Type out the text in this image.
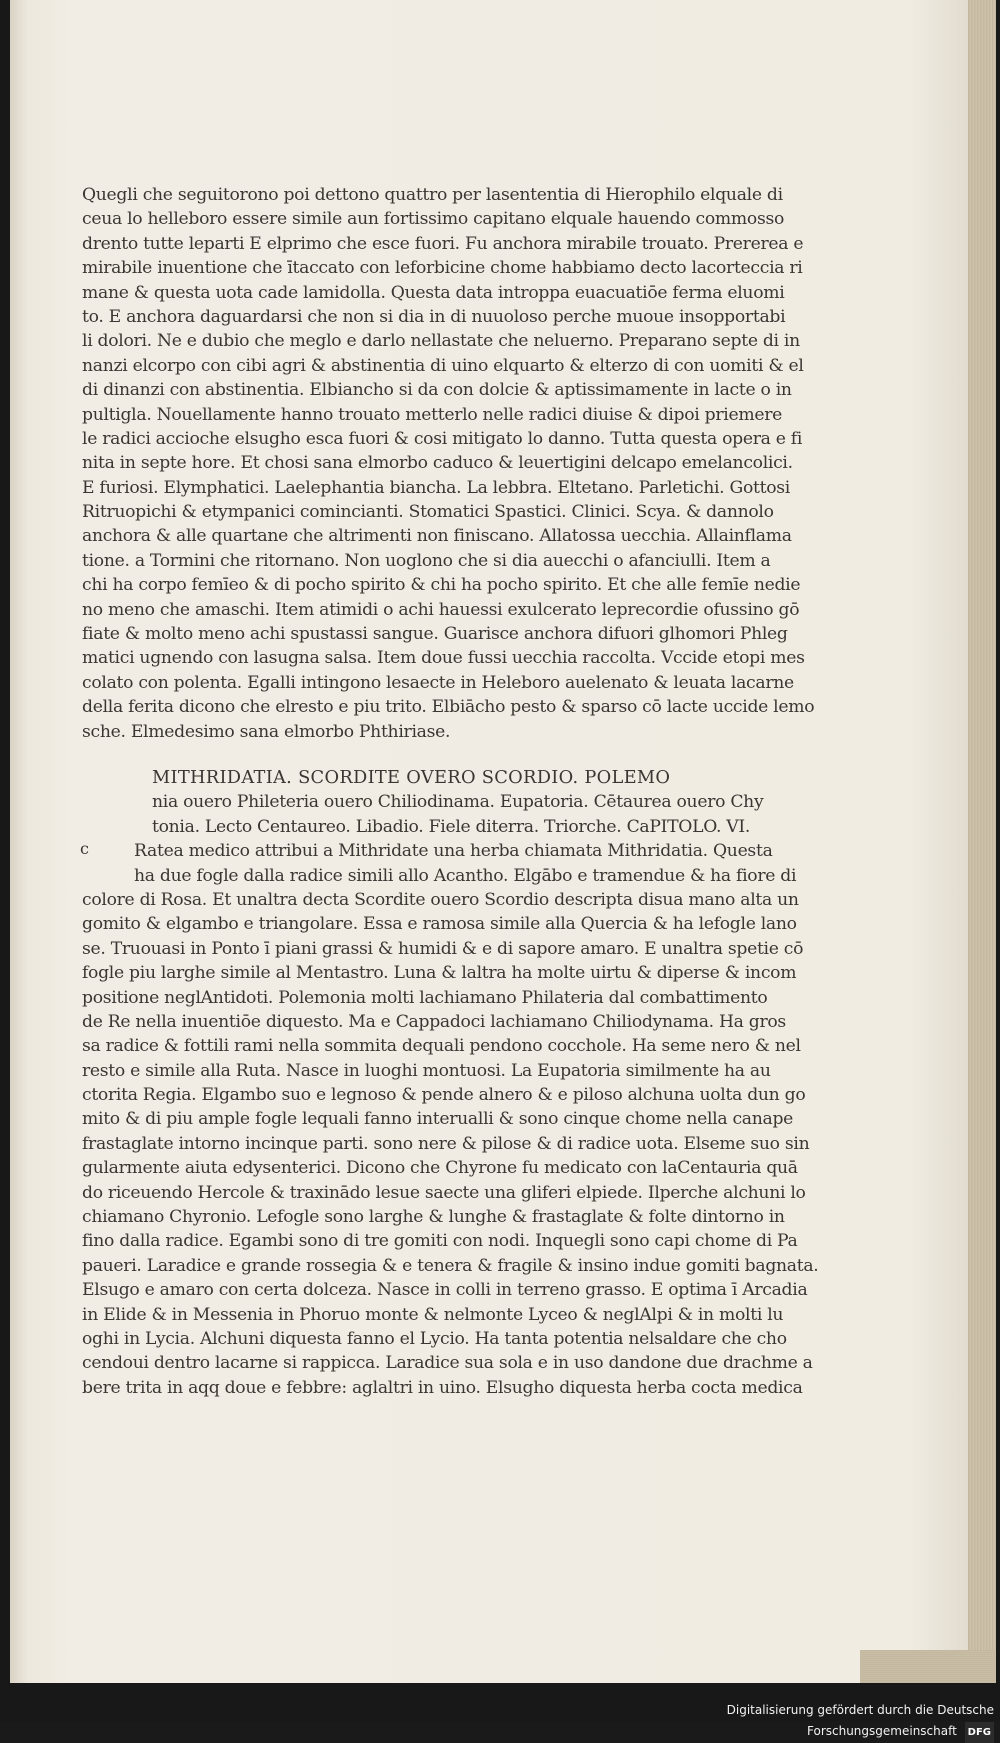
Quegli che seguitorono poi dettono quattro per lasententia di Hierophilo elquale di
ceua lo helleboro essere simile aun fortissimo capitano elquale hauendo commosso
drento tutte leparti E elprimo che esce fuori. Fu anchora mirabile trouato. Prererea e
mirabile inuentione che ītaccato con leforbicine chome habbiamo decto lacorteccia ri
mane & questa uota cade lamidolla. Questa data introppa euacuatiōe ferma eluomi
to. E anchora daguardarsi che non si dia in di nuuoloso perche muoue insopportabi
li dolori. Ne e dubio che meglo e darlo nellastate che neluerno. Preparano septe di in
nanzi elcorpo con cibi agri & abstinentia di uino elquarto & elterzo di con uomiti & el
di dinanzi con abstinentia. Elbiancho si da con dolcie & aptissimamente in lacte o in
pultigla. Nouellamente hanno trouato metterlo nelle radici diuise & dipoi priemere
le radici accioche elsugho esca fuori & cosi mitigato lo danno. Tutta questa opera e fi
nita in septe hore. Et chosi sana elmorbo caduco & leuertigini delcapo emelancolici.
E furiosi. Elymphatici. Laelephantia biancha. La lebbra. Eltetano. Parletichi. Gottosi
Ritruopichi & etympanici comincianti. Stomatici Spastici. Clinici. Scya. & dannolo
anchora & alle quartane che altrimenti non finiscano. Allatossa uecchia. Allainflama
tione. a Tormini che ritornano. Non uoglono che si dia auecchi o afanciulli. Item a
chi ha corpo femīeo & di pocho spirito & chi ha pocho spirito. Et che alle femīe nedie
no meno che amaschi. Item atimidi o achi hauessi exulcerato leprecordie ofussino gō
fiate & molto meno achi spustassi sangue. Guarisce anchora difuori glhomori Phleg
matici ugnendo con lasugna salsa. Item doue fussi uecchia raccolta. Vccide etopi mes
colato con polenta. Egalli intingono lesaecte in Heleboro auelenato & leuata lacarne
della ferita dicono che elresto e piu trito. Elbiācho pesto & sparso cō lacte uccide lemo
sche. Elmedesimo sana elmorbo Phthiriase.
MITHRIDATIA. SCORDITE OVERO SCORDIO. POLEMO
nia ouero Phileteria ouero Chiliodinama. Eupatoria. Cētaurea ouero Chy
tonia. Lecto Centaureo. Libadio. Fiele diterra. Triorche. CaPITOLO. VI.
c	Ratea medico attribui a Mithridate una herba chiamata Mithridatia. Questa
ha due fogle dalla radice simili allo Acantho. Elgābo e tramendue & ha fiore di
colore di Rosa. Et unaltra decta Scordite ouero Scordio descripta disua mano alta un
gomito & elgambo e triangolare. Essa e ramosa simile alla Quercia & ha lefogle lano
se. Truouasi in Ponto ī piani grassi & humidi & e di sapore amaro. E unaltra spetie cō
fogle piu larghe simile al Mentastro. Luna & laltra ha molte uirtu & diperse & incom
positione neglAntidoti. Polemonia molti lachiamano Philateria dal combattimento
de Re nella inuentiōe diquesto. Ma e Cappadoci lachiamano Chiliodynama. Ha gros
sa radice & fottili rami nella sommita dequali pendono cocchole. Ha seme nero & nel
resto e simile alla Ruta. Nasce in luoghi montuosi. La Eupatoria similmente ha au
ctorita Regia. Elgambo suo e legnoso & pende alnero & e piloso alchuna uolta dun go
mito & di piu ample fogle lequali fanno interualli & sono cinque chome nella canape
frastaglate intorno incinque parti. sono nere & pilose & di radice uota. Elseme suo sin
gularmente aiuta edysenterici. Dicono che Chyrone fu medicato con laCentauria quā
do riceuendo Hercole & traxinādo lesue saecte una gliferi elpiede. Ilperche alchuni lo
chiamano Chyronio. Lefogle sono larghe & lunghe & frastaglate & folte dintorno in
fino dalla radice. Egambi sono di tre gomiti con nodi. Inquegli sono capi chome di Pa
paueri. Laradice e grande rossegia & e tenera & fragile & insino indue gomiti bagnata.
Elsugo e amaro con certa dolceza. Nasce in colli in terreno grasso. E optima ī Arcadia
in Elide & in Messenia in Phoruo monte & nelmonte Lyceo & neglAlpi & in molti lu
oghi in Lycia. Alchuni diquesta fanno el Lycio. Ha tanta potentia nelsaldare che cho
cendoui dentro lacarne si rappicca. Laradice sua sola e in uso dandone due drachme a
bere trita in aqq doue e febbre: aglaltri in uino. Elsugho diquesta herba cocta medica
Digitalisierung gefördert durch die Deutsche Forschungsgemeinschaft DFG
